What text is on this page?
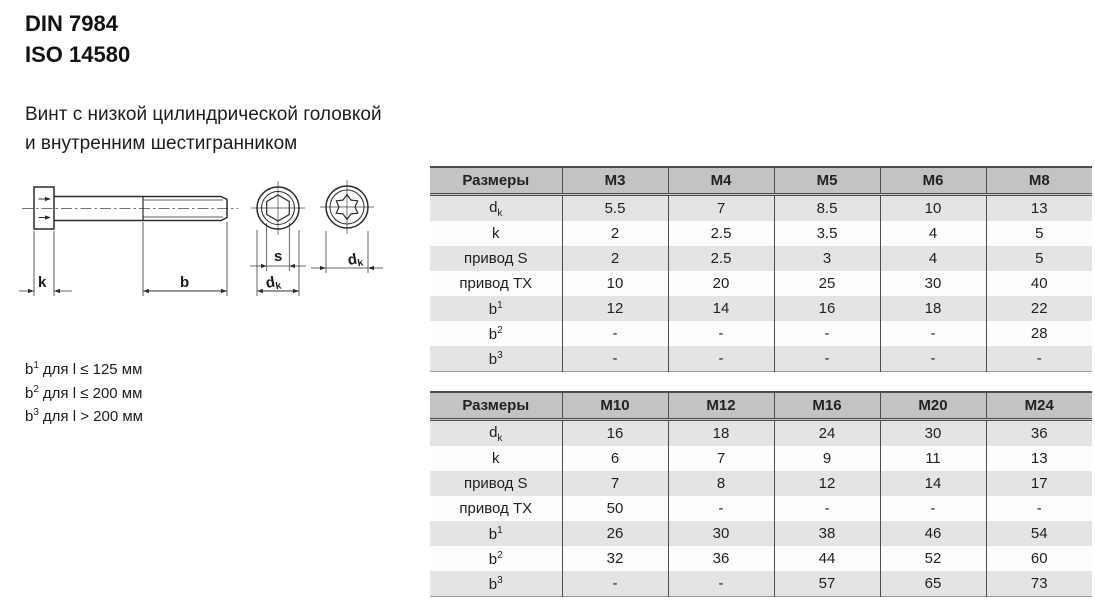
DIN 7984
ISO 14580
Винт с низкой цилиндрической головкой
и внутренним шестигранником
k	b
s
$d_k$
$d_k$
$b^1$ для l ≤ 125 мм
$b^2$ для l ≤ 200 мм
$b^3$ для l > 200 мм
Размеры	M3	M4	M5	M6	M8
$d_k$	5.5	7	8.5	10	13
k	2	2.5	3.5	4	5
привод S	2	2.5	3	4	5
привод TX	10	20	25	30	40
$b^1$	12	14	16	18	22
$b^2$	-	-	-	-	28
$b^3$	-	-	-	-	-
Размеры	M10	M12	M16	M20	M24
$d_k$	16	18	24	30	36
k	6	7	9	11	13
привод S	7	8	12	14	17
привод TX	50	-	-	-	-
$b^1$	26	30	38	46	54
$b^2$	32	36	44	52	60
$b^3$	-	-	57	65	73
